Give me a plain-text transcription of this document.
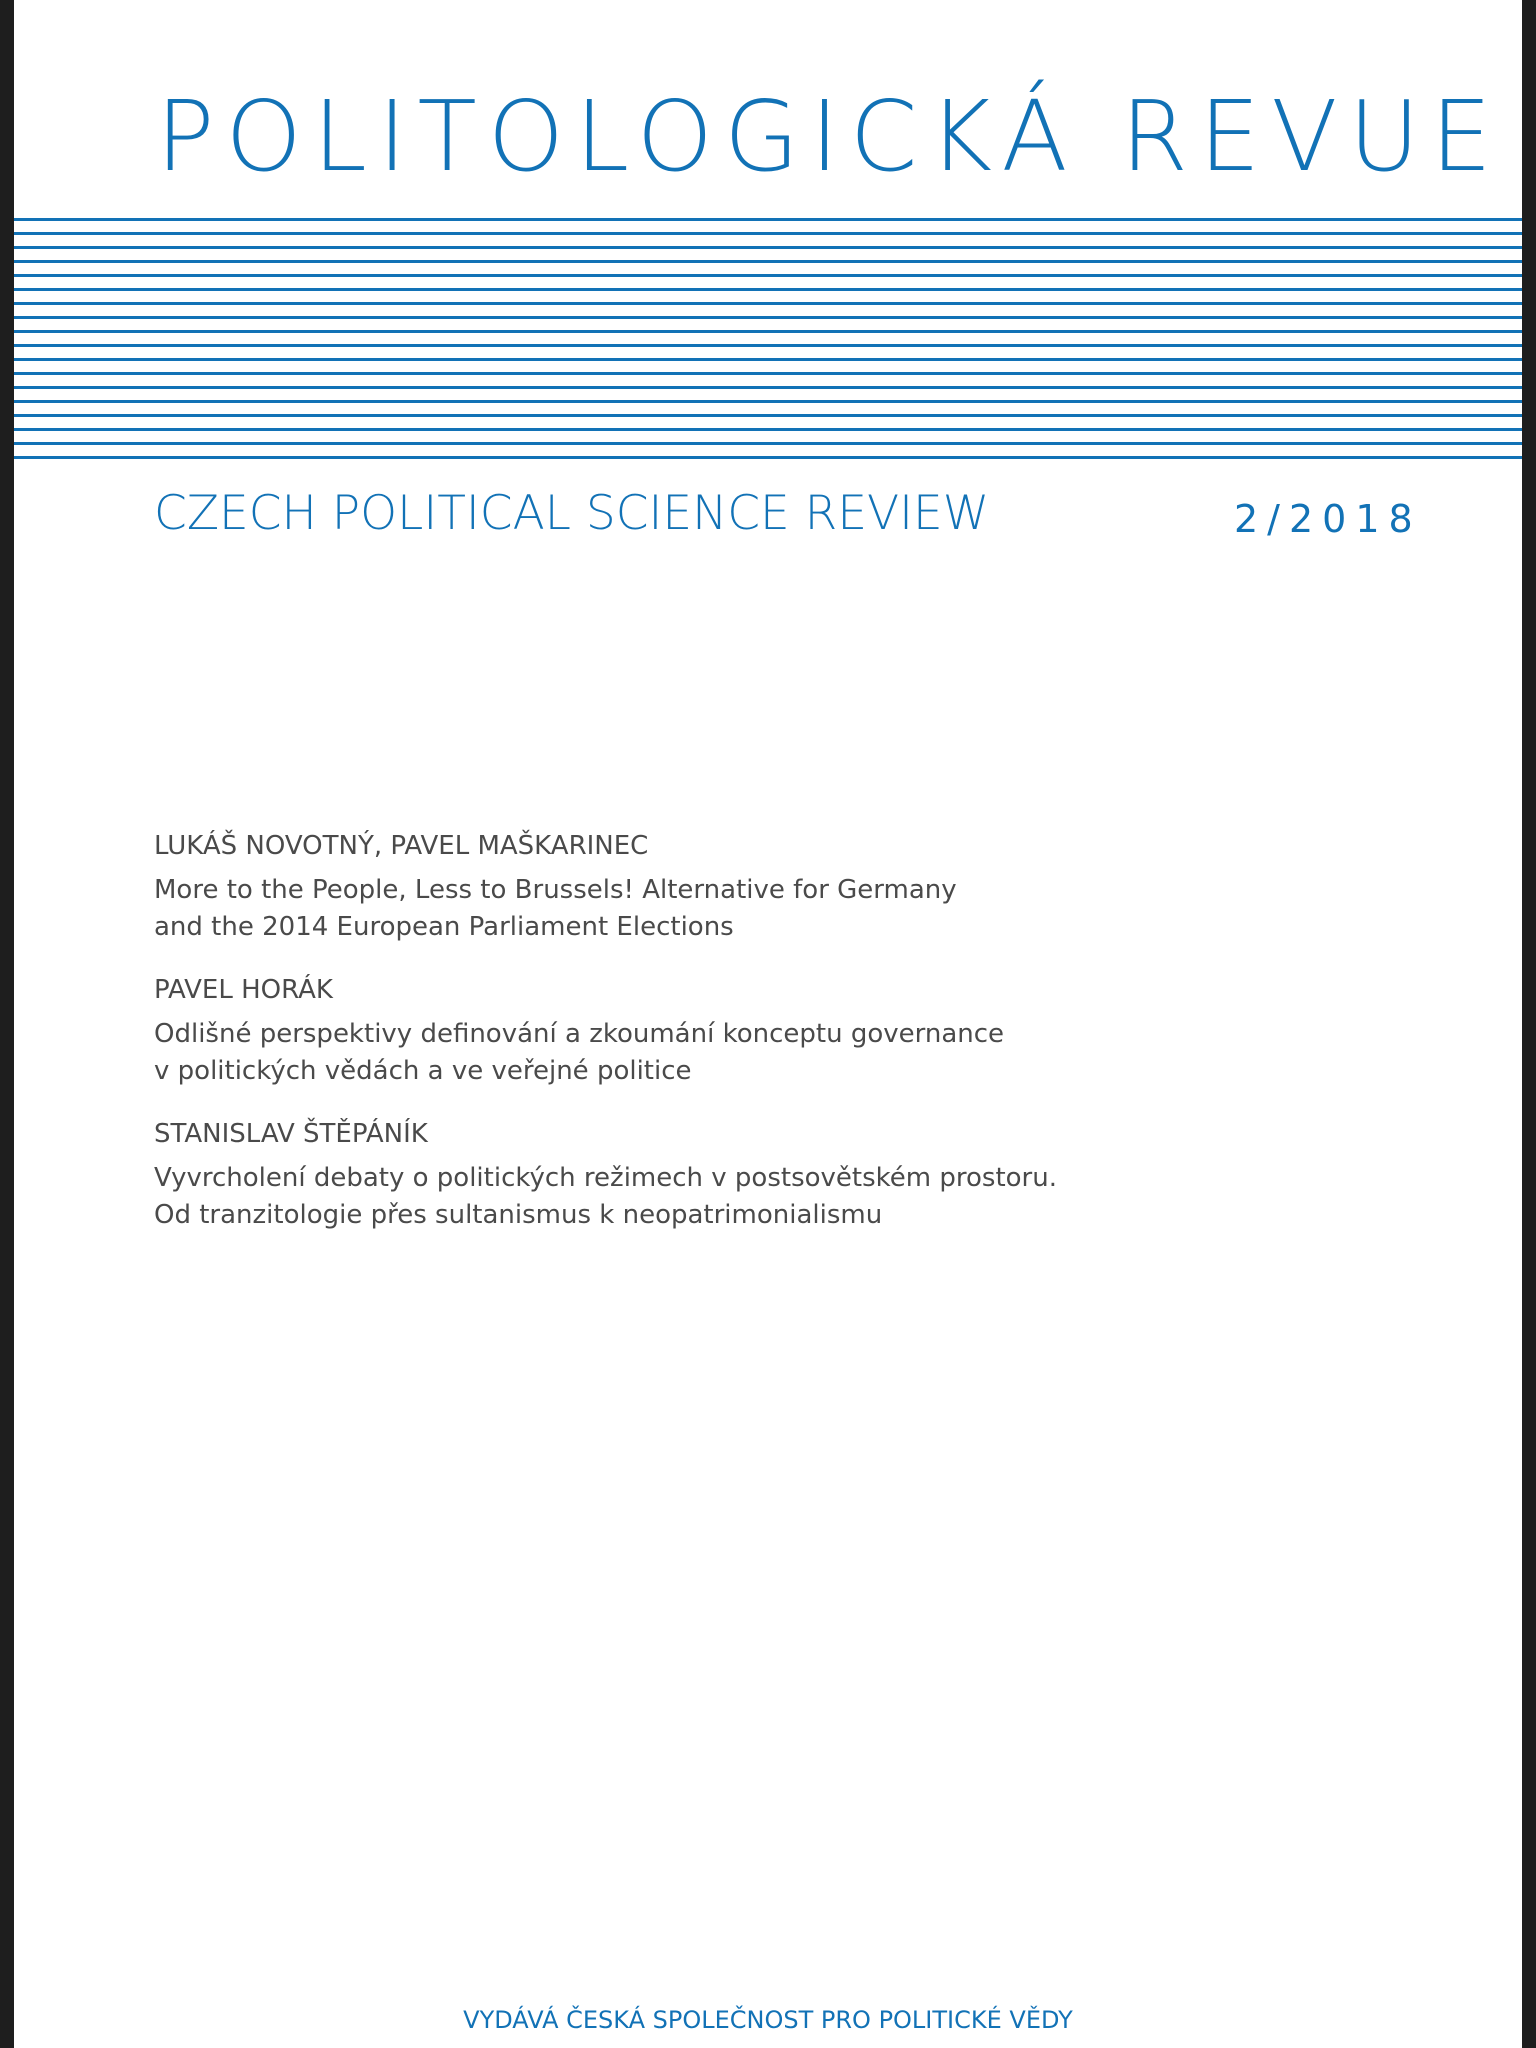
POLITOLOGICKÁ REVUE
CZECH POLITICAL SCIENCE REVIEW	2/2018
LUKÁŠ NOVOTNÝ, PAVEL MAŠKARINEC
More to the People, Less to Brussels! Alternative for Germany
and the 2014 European Parliament Elections
PAVEL HORÁK
Odlišné perspektivy definování a zkoumání konceptu governance
v politických vědách a ve veřejné politice
STANISLAV ŠTĚPÁNÍK
Vyvrcholení debaty o politických režimech v postsovětském prostoru.
Od tranzitologie přes sultanismus k neopatrimonialismu
VYDÁVÁ ČESKÁ SPOLEČNOST PRO POLITICKÉ VĚDY
